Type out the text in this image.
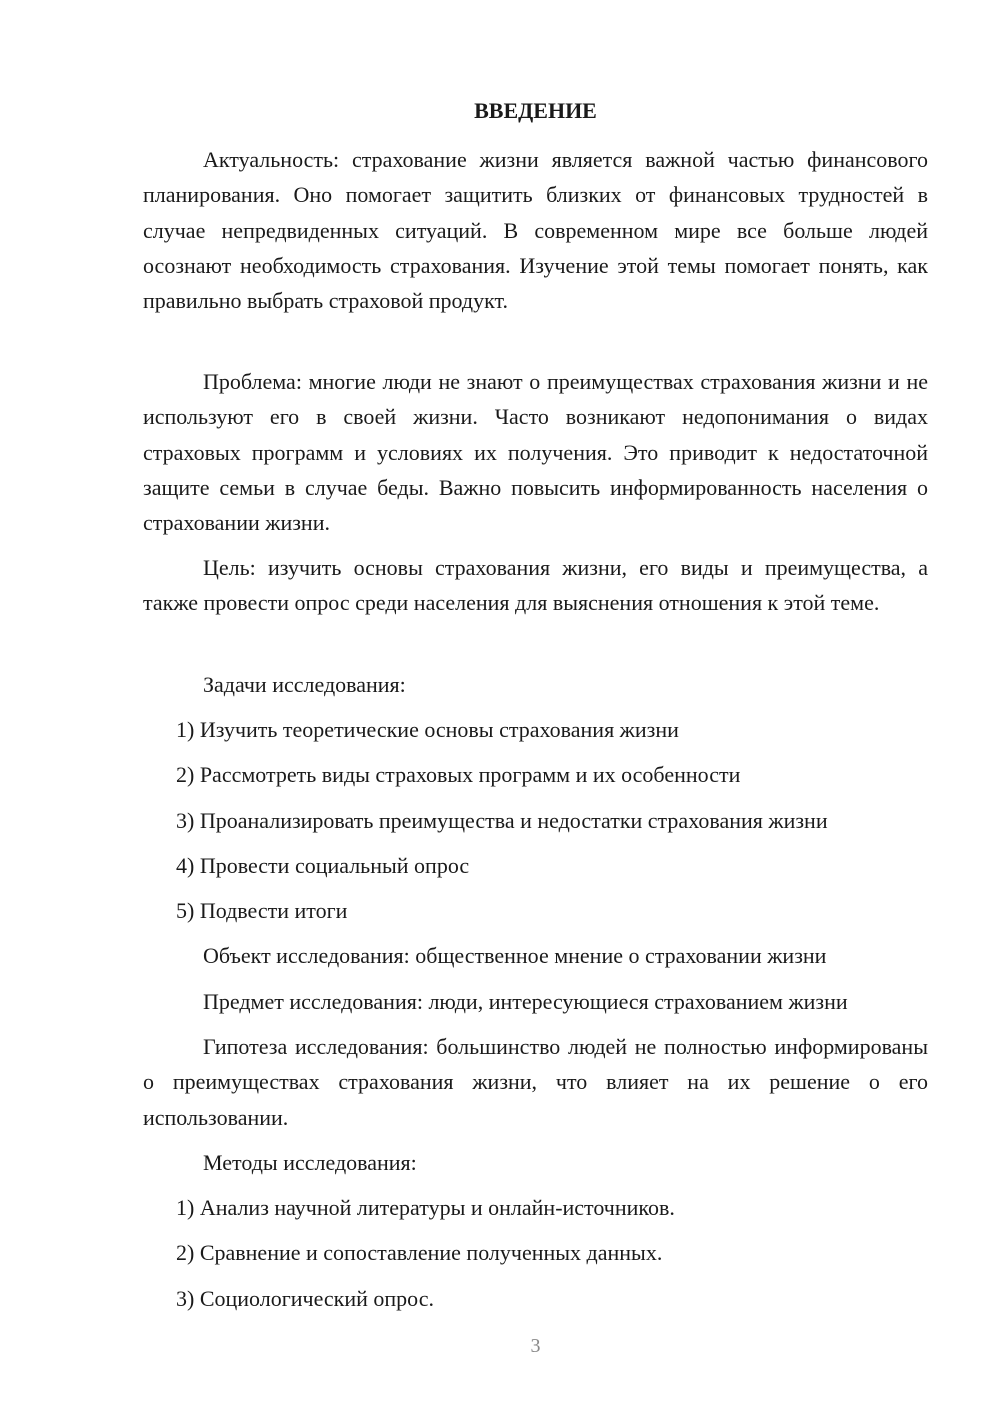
ВВЕДЕНИЕ

Актуальность: страхование жизни является важной частью финансового планирования. Оно помогает защитить близких от финансовых трудностей в случае непредвиденных ситуаций. В современном мире все больше людей осознают необходимость страхования. Изучение этой темы помогает понять, как правильно выбрать страховой продукт.

Проблема: многие люди не знают о преимуществах страхования жизни и не используют его в своей жизни. Часто возникают недопонимания о видах страховых программ и условиях их получения. Это приводит к недостаточной защите семьи в случае беды. Важно повысить информированность населения о страховании жизни.

Цель: изучить основы страхования жизни, его виды и преимущества, а также провести опрос среди населения для выяснения отношения к этой теме.

Задачи исследования:

1) Изучить теоретические основы страхования жизни

2) Рассмотреть виды страховых программ и их особенности

3) Проанализировать преимущества и недостатки страхования жизни

4) Провести социальный опрос

5) Подвести итоги

Объект исследования: общественное мнение о страховании жизни

Предмет исследования: люди, интересующиеся страхованием жизни

Гипотеза исследования: большинство людей не полностью информированы о преимуществах страхования жизни, что влияет на их решение о его использовании.

Методы исследования:

1) Анализ научной литературы и онлайн-источников.

2) Сравнение и сопоставление полученных данных.

3) Социологический опрос.

3
